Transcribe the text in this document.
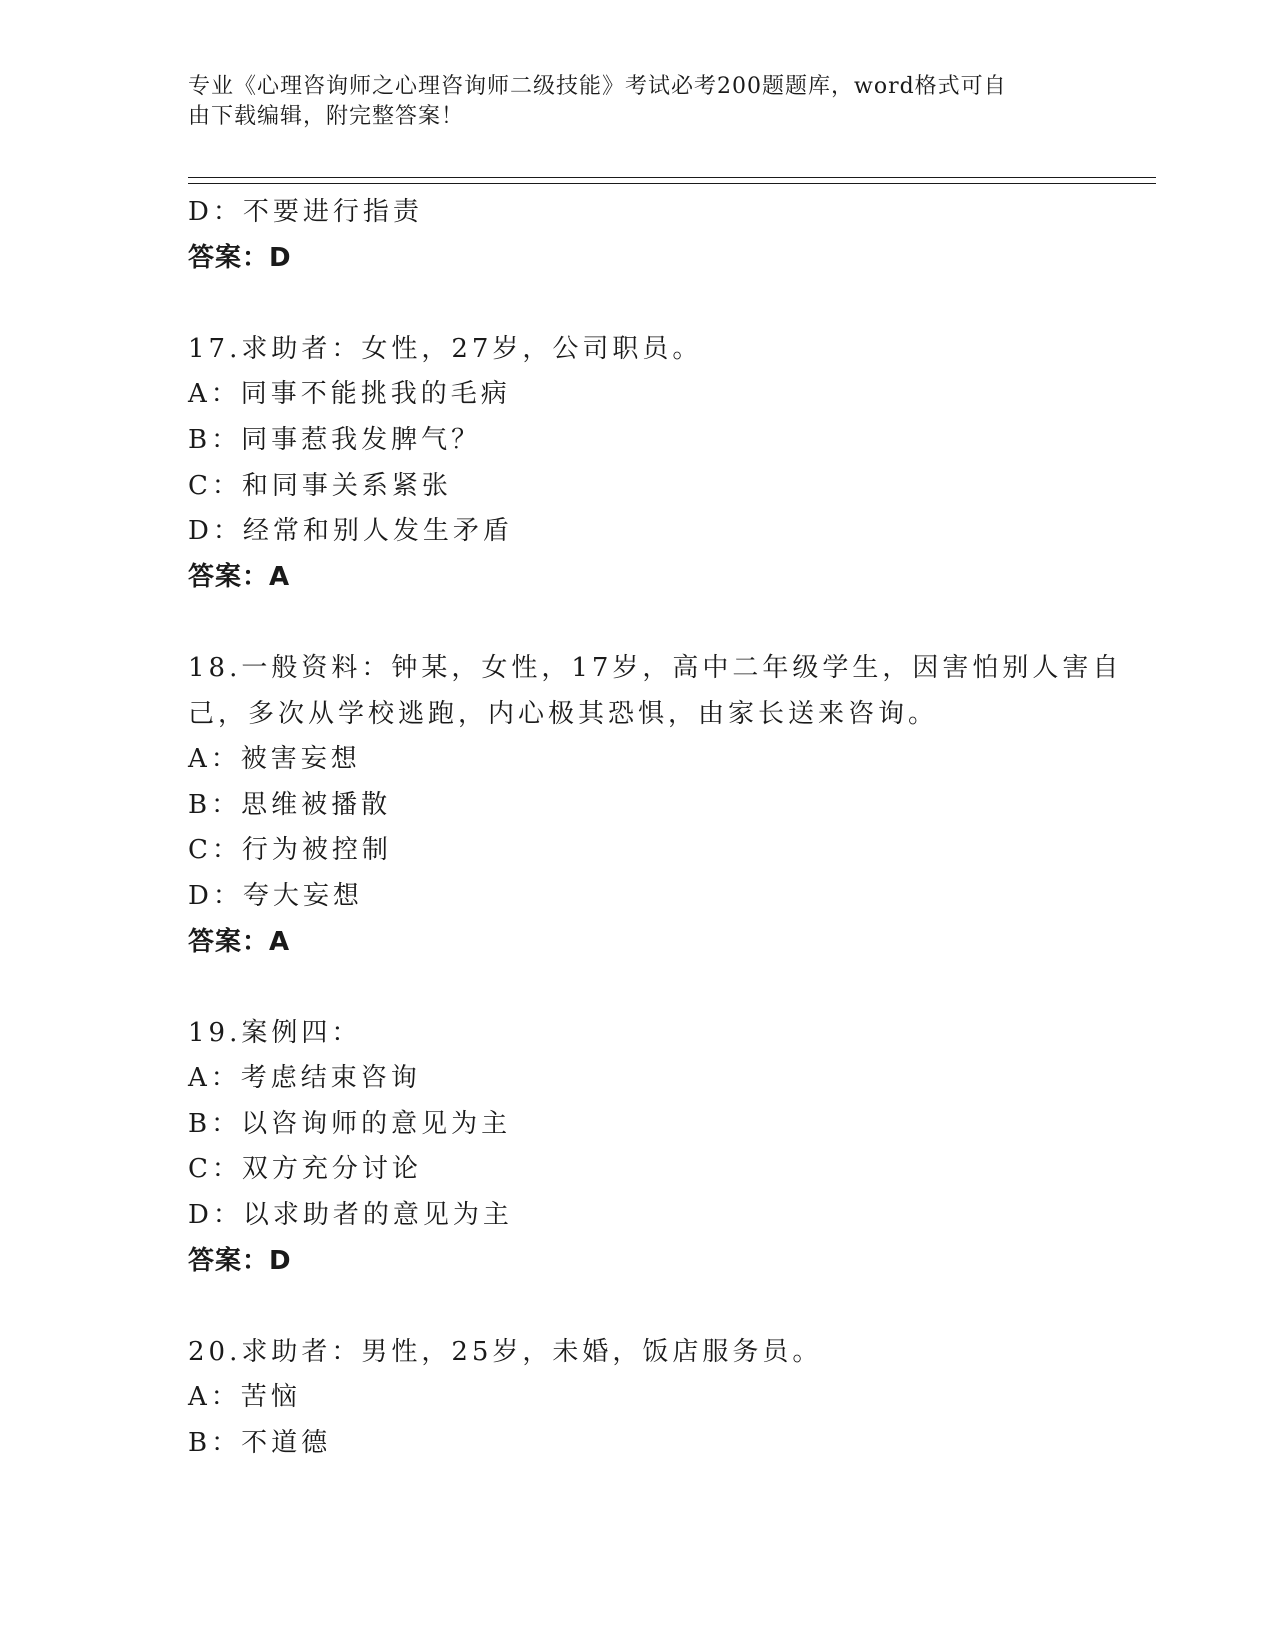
专业《心理咨询师之心理咨询师二级技能》考试必考200题题库，word格式可自
由下载编辑，附完整答案！
D：不要进行指责
答案：D
17.求助者：女性，27岁，公司职员。
A：同事不能挑我的毛病
B：同事惹我发脾气？
C：和同事关系紧张
D：经常和别人发生矛盾
答案：A
18.一般资料：钟某，女性，17岁，高中二年级学生，因害怕别人害自
己，多次从学校逃跑，内心极其恐惧，由家长送来咨询。
A：被害妄想
B：思维被播散
C：行为被控制
D：夸大妄想
答案：A
19.案例四：
A：考虑结束咨询
B：以咨询师的意见为主
C：双方充分讨论
D：以求助者的意见为主
答案：D
20.求助者：男性，25岁，未婚，饭店服务员。
A：苦恼
B：不道德
